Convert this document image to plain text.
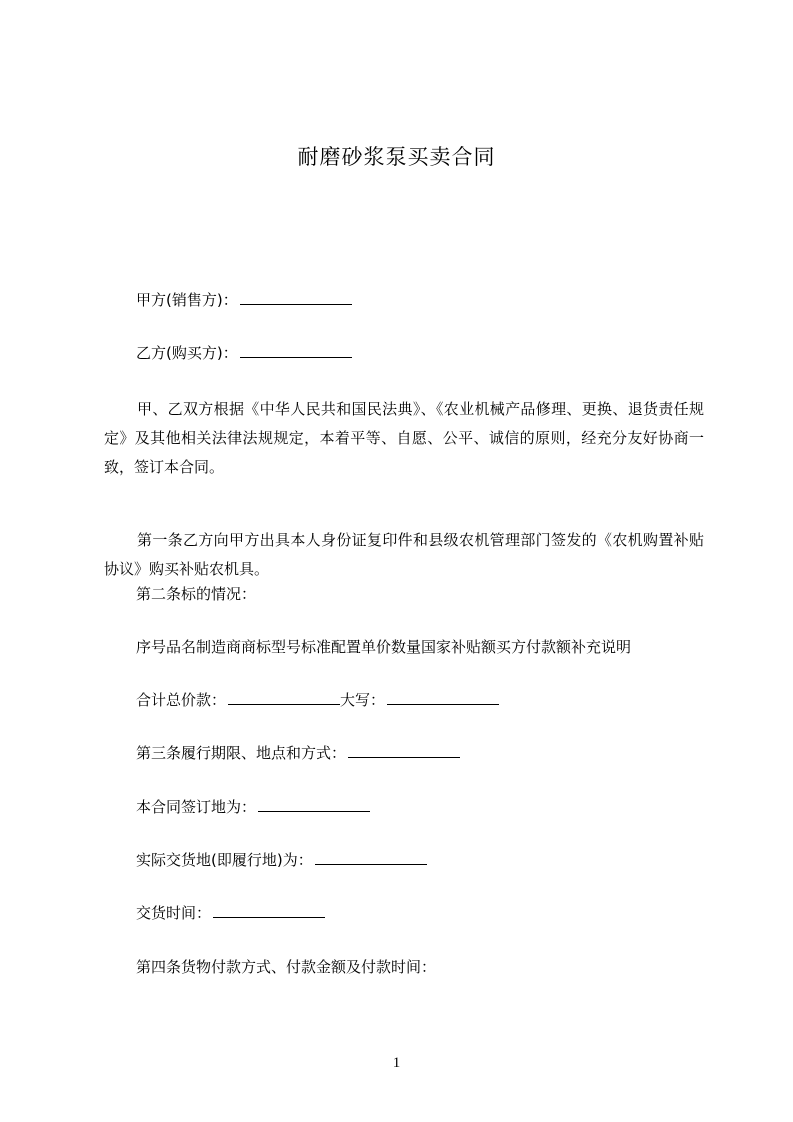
耐磨砂浆泵买卖合同
甲方(销售方)：
乙方(购买方)：
甲、乙双方根据《中华人民共和国民法典》、《农业机械产品修理、更换、退货责任规定》及其他相关法律法规规定，本着平等、自愿、公平、诚信的原则，经充分友好协商一致，签订本合同。
第一条乙方向甲方出具本人身份证复印件和县级农机管理部门签发的《农机购置补贴协议》购买补贴农机具。
第二条标的情况：
序号品名制造商商标型号标准配置单价数量国家补贴额买方付款额补充说明
合计总价款：	大写：
第三条履行期限、地点和方式：
本合同签订地为：
实际交货地(即履行地)为：
交货时间：
第四条货物付款方式、付款金额及付款时间：
1
